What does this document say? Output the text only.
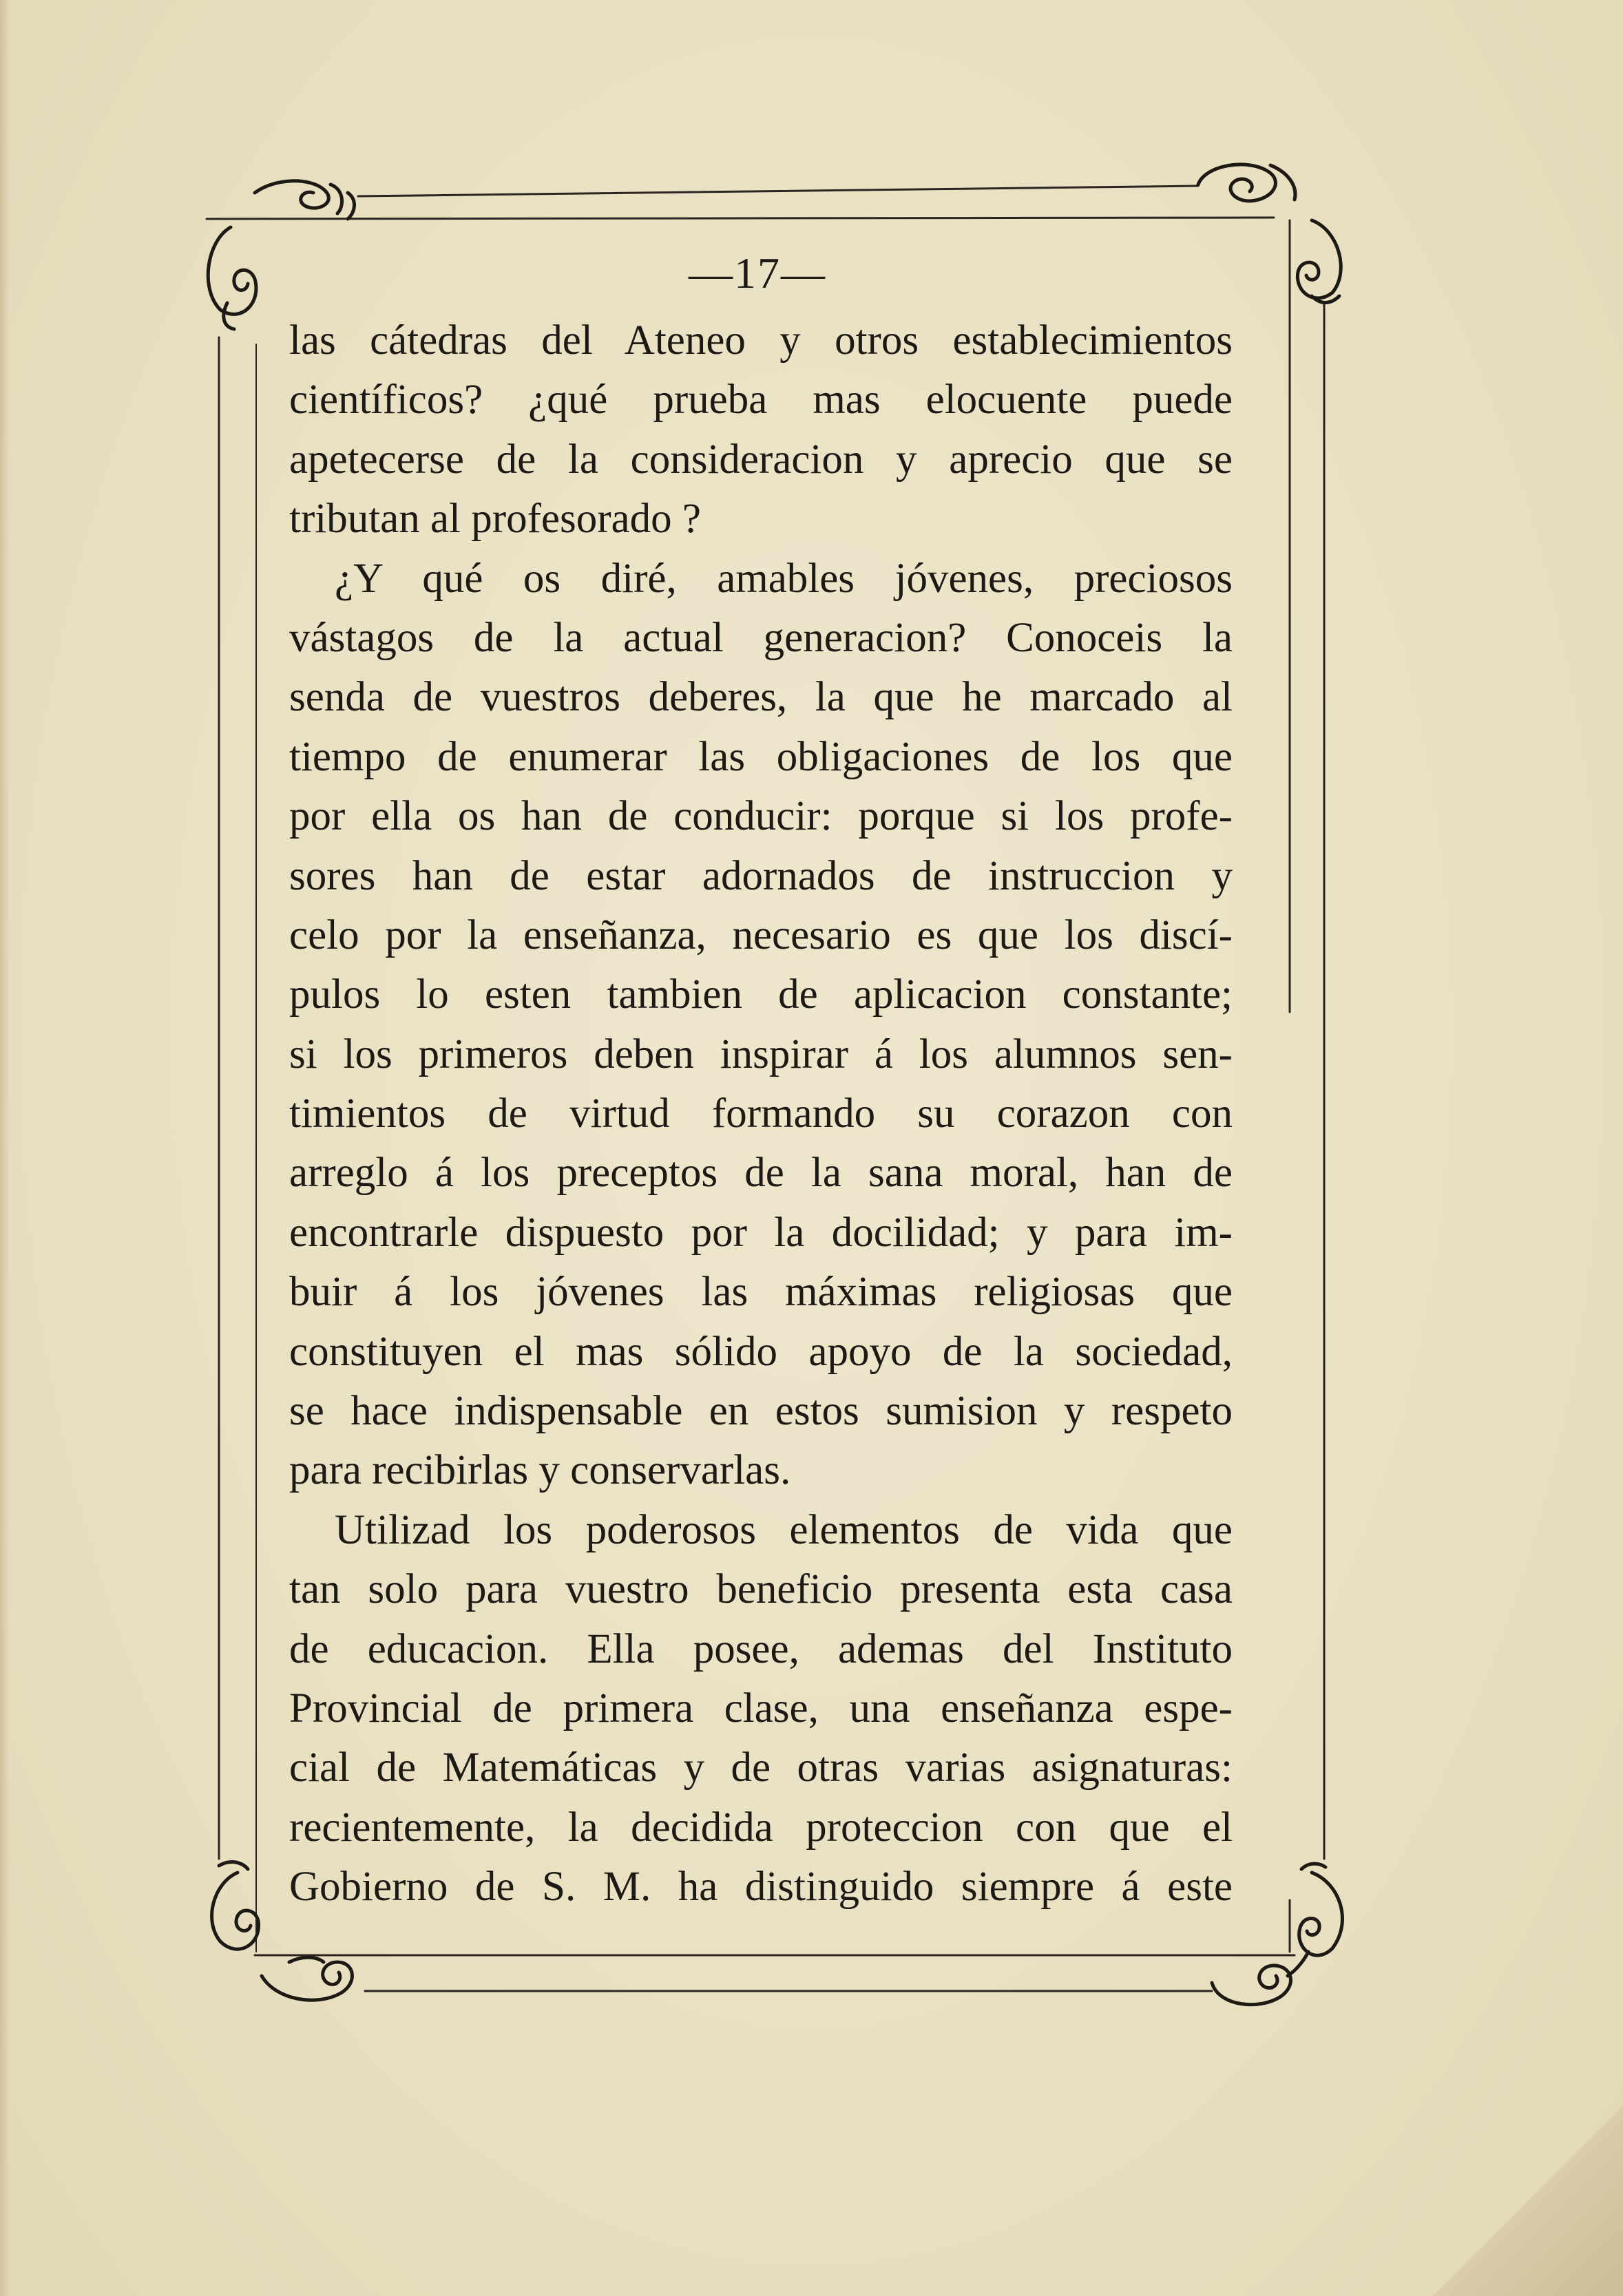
—17—
las cátedras del Ateneo y otros establecimientos
científicos? ¿qué prueba mas elocuente puede
apetecerse de la consideracion y aprecio que se
tributan al profesorado ?
¿Y qué os diré, amables jóvenes, preciosos
vástagos de la actual generacion? Conoceis la
senda de vuestros deberes, la que he marcado al
tiempo de enumerar las obligaciones de los que
por ella os han de conducir: porque si los profe-
sores han de estar adornados de instruccion y
celo por la enseñanza, necesario es que los discí-
pulos lo esten tambien de aplicacion constante;
si los primeros deben inspirar á los alumnos sen-
timientos de virtud formando su corazon con
arreglo á los preceptos de la sana moral, han de
encontrarle dispuesto por la docilidad; y para im-
buir á los jóvenes las máximas religiosas que
constituyen el mas sólido apoyo de la sociedad,
se hace indispensable en estos sumision y respeto
para recibirlas y conservarlas.
Utilizad los poderosos elementos de vida que
tan solo para vuestro beneficio presenta esta casa
de educacion. Ella posee, ademas del Instituto
Provincial de primera clase, una enseñanza espe-
cial de Matemáticas y de otras varias asignaturas:
recientemente, la decidida proteccion con que el
Gobierno de S. M. ha distinguido siempre á este
